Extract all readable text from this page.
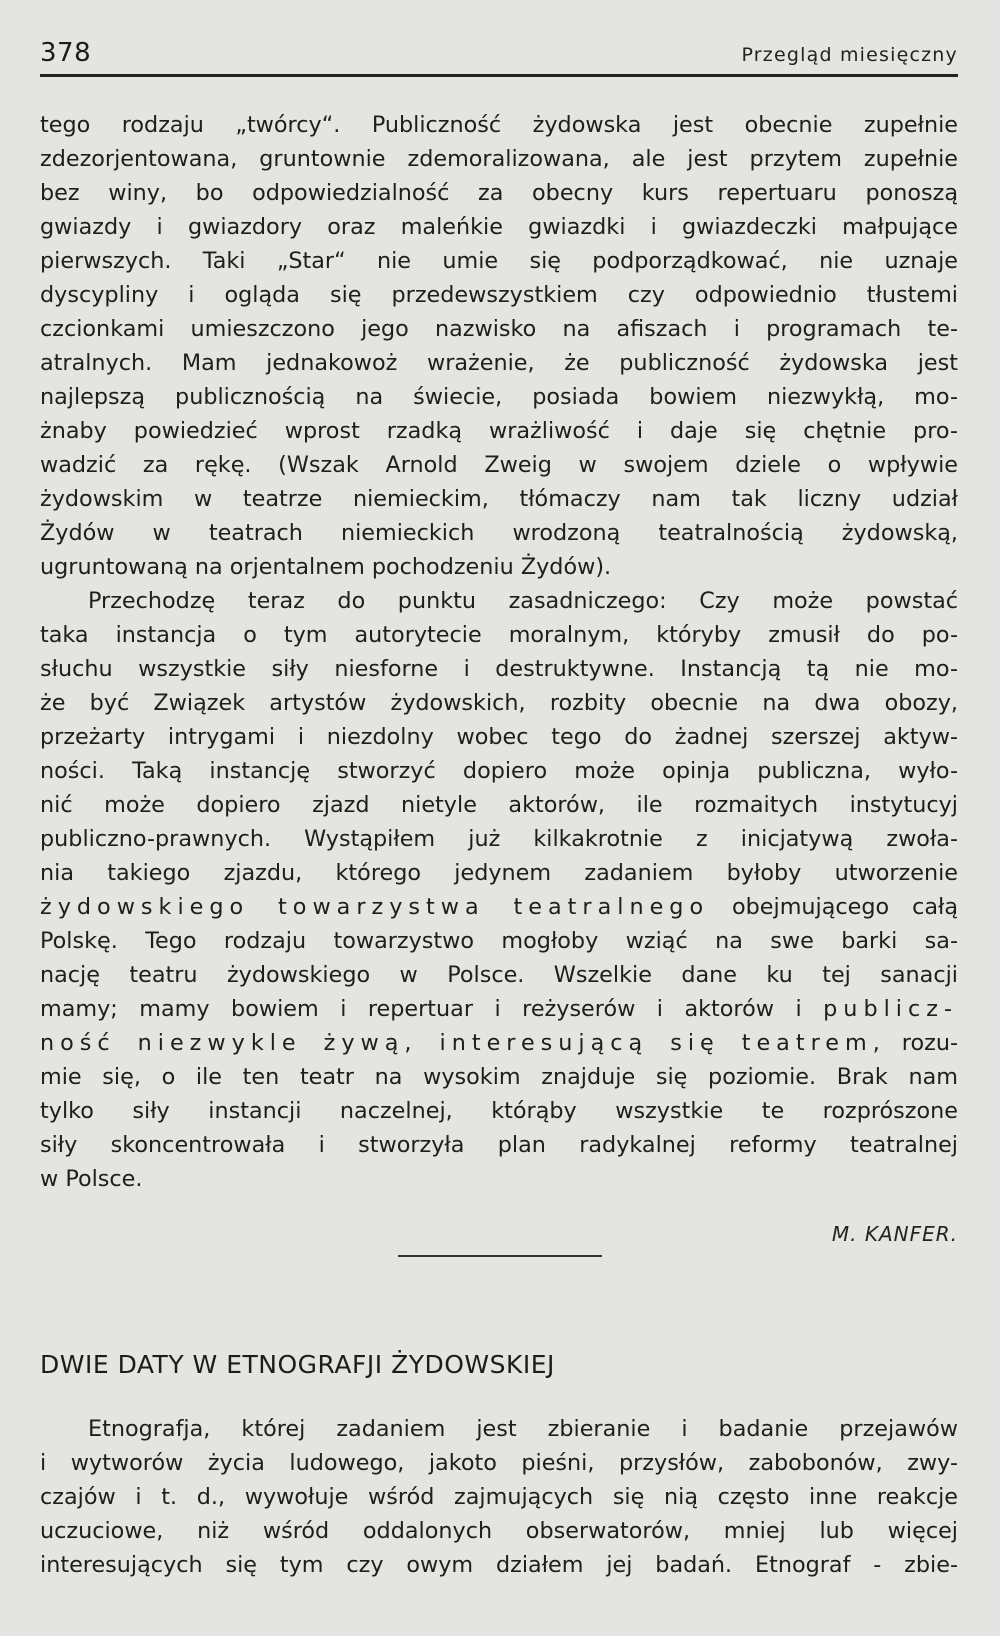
378	Przegląd miesięczny
tego rodzaju „twórcy“. Publiczność żydowska jest obecnie zupełnie
zdezorjentowana, gruntownie zdemoralizowana, ale jest przytem zupełnie
bez winy, bo odpowiedzialność za obecny kurs repertuaru ponoszą
gwiazdy i gwiazdory oraz maleńkie gwiazdki i gwiazdeczki małpujące
pierwszych. Taki „Star“ nie umie się podporządkować, nie uznaje
dyscypliny i ogląda się przedewszystkiem czy odpowiednio tłustemi
czcionkami umieszczono jego nazwisko na afiszach i programach te-
atralnych. Mam jednakowoż wrażenie, że publiczność żydowska jest
najlepszą publicznością na świecie, posiada bowiem niezwykłą, mo-
żnaby powiedzieć wprost rzadką wrażliwość i daje się chętnie pro-
wadzić za rękę. (Wszak Arnold Zweig w swojem dziele o wpływie
żydowskim w teatrze niemieckim, tłómaczy nam tak liczny udział
Żydów w teatrach niemieckich wrodzoną teatralnością żydowską,
ugruntowaną na orjentalnem pochodzeniu Żydów).
Przechodzę teraz do punktu zasadniczego: Czy może powstać
taka instancja o tym autorytecie moralnym, któryby zmusił do po-
słuchu wszystkie siły niesforne i destruktywne. Instancją tą nie mo-
że być Związek artystów żydowskich, rozbity obecnie na dwa obozy,
przeżarty intrygami i niezdolny wobec tego do żadnej szerszej aktyw-
ności. Taką instancję stworzyć dopiero może opinja publiczna, wyło-
nić może dopiero zjazd nietyle aktorów, ile rozmaitych instytucyj
publiczno-prawnych. Wystąpiłem już kilkakrotnie z inicjatywą zwoła-
nia takiego zjazdu, którego jedynem zadaniem byłoby utworzenie
żydowskiego towarzystwa teatralnego obejmującego całą
Polskę. Tego rodzaju towarzystwo mogłoby wziąć na swe barki sa-
nację teatru żydowskiego w Polsce. Wszelkie dane ku tej sanacji
mamy; mamy bowiem i repertuar i reżyserów i aktorów i publicz-
ność niezwykle żywą, interesującą się teatrem, rozu-
mie się, o ile ten teatr na wysokim znajduje się poziomie. Brak nam
tylko siły instancji naczelnej, którąby wszystkie te rozprószone
siły skoncentrowała i stworzyła plan radykalnej reformy teatralnej
w Polsce.
M. KANFER.
DWIE DATY W ETNOGRAFJI ŻYDOWSKIEJ
Etnografja, której zadaniem jest zbieranie i badanie przejawów
i wytworów życia ludowego, jakoto pieśni, przysłów, zabobonów, zwy-
czajów i t. d., wywołuje wśród zajmujących się nią często inne reakcje
uczuciowe, niż wśród oddalonych obserwatorów, mniej lub więcej
interesujących się tym czy owym działem jej badań. Etnograf - zbie-
